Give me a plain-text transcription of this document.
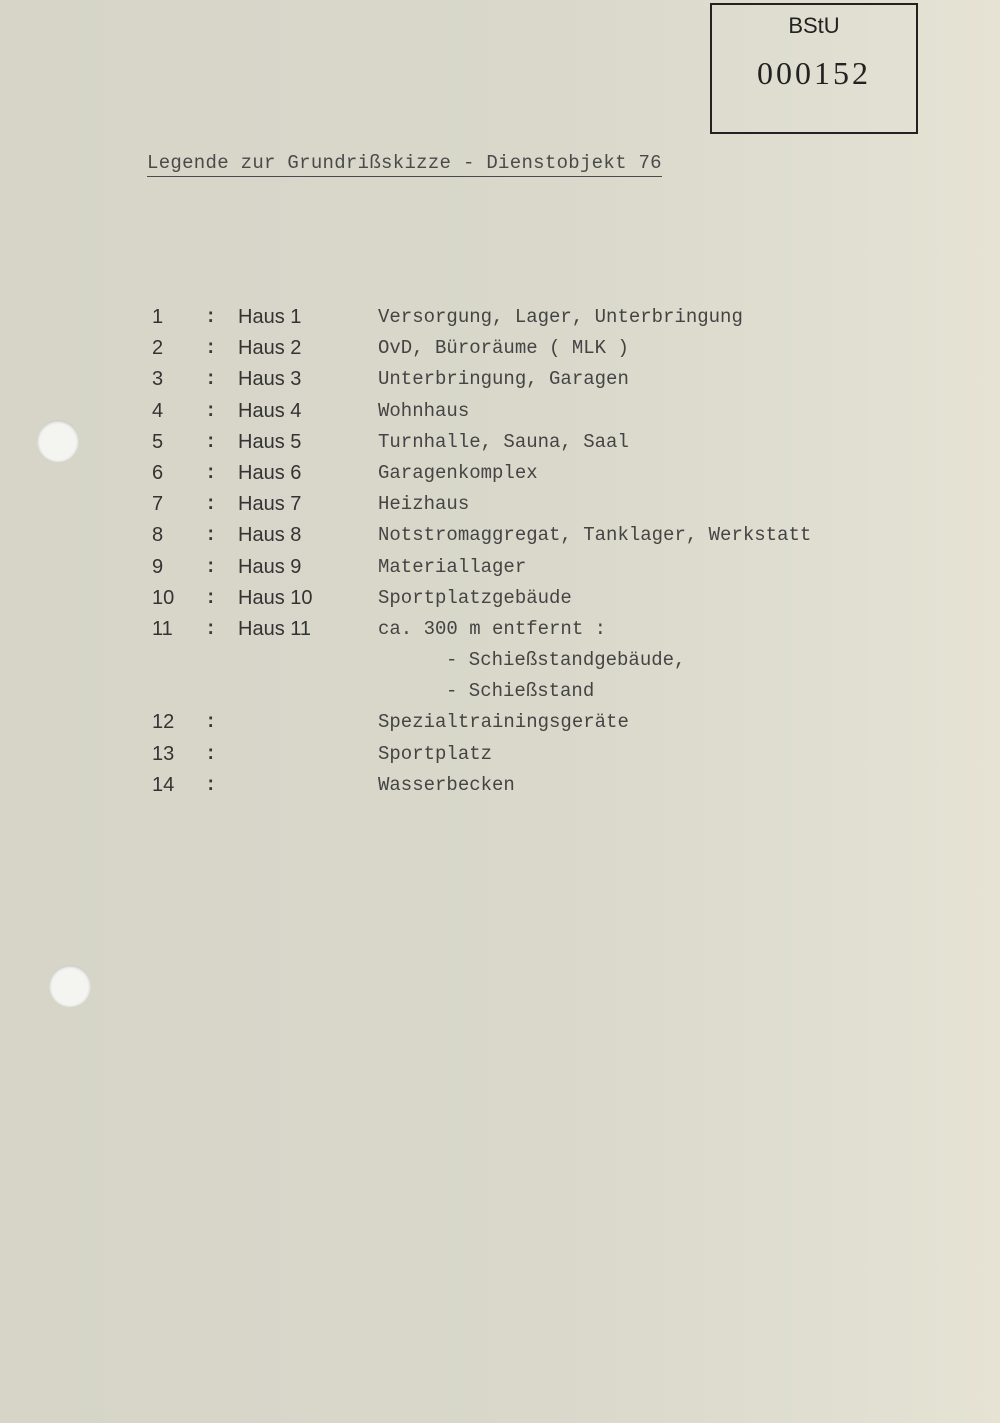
BStU
000152
Legende zur Grundrißskizze - Dienstobjekt 76
1 : Haus 1	Versorgung, Lager, Unterbringung
2 : Haus 2	OvD, Büroräume ( MLK )
3 : Haus 3	Unterbringung, Garagen
4 : Haus 4	Wohnhaus
5 : Haus 5	Turnhalle, Sauna, Saal
6 : Haus 6	Garagenkomplex
7 : Haus 7	Heizhaus
8 : Haus 8	Notstromaggregat, Tanklager, Werkstatt
9 : Haus 9	Materiallager
10 : Haus 10	Sportplatzgebäude
11 : Haus 11	ca. 300 m entfernt :
- Schießstandgebäude,
- Schießstand
12 :	Spezialtrainingsgeräte
13 :	Sportplatz
14 :	Wasserbecken
